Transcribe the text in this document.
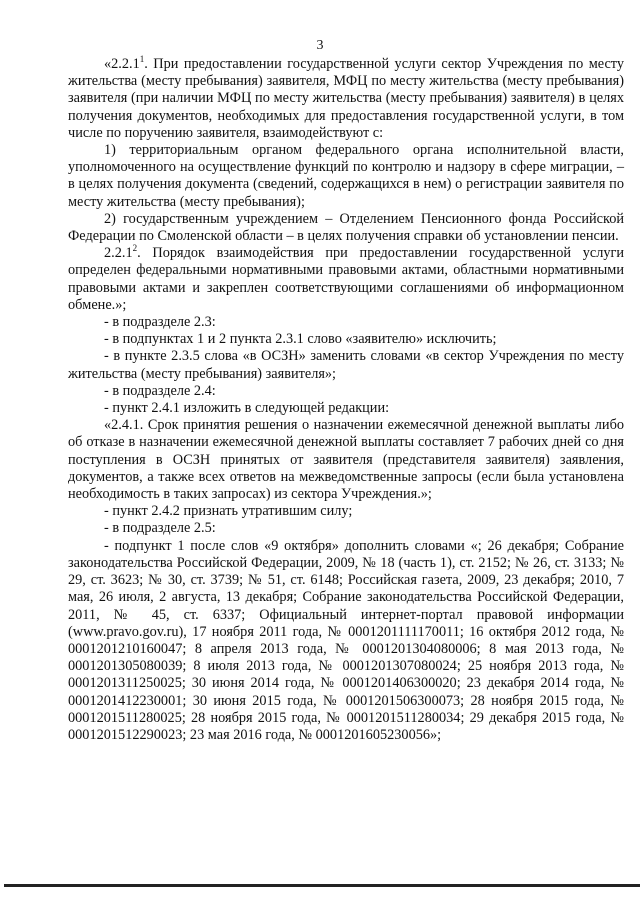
3

«2.2.1$^1$. При предоставлении государственной услуги сектор Учреждения по месту жительства (месту пребывания) заявителя, МФЦ по месту жительства (месту пребывания) заявителя (при наличии МФЦ по месту жительства (месту пребывания) заявителя) в целях получения документов, необходимых для предоставления государственной услуги, в том числе по поручению заявителя, взаимодействуют с:

1) территориальным органом федерального органа исполнительной власти, уполномоченного на осуществление функций по контролю и надзору в сфере миграции, – в целях получения документа (сведений, содержащихся в нем) о регистрации заявителя по месту жительства (месту пребывания);

2) государственным учреждением – Отделением Пенсионного фонда Российской Федерации по Смоленской области – в целях получения справки об установлении пенсии.

2.2.1$^2$. Порядок взаимодействия при предоставлении государственной услуги определен федеральными нормативными правовыми актами, областными нормативными правовыми актами и закреплен соответствующими соглашениями об информационном обмене.»;

- в подразделе 2.3:

- в подпунктах 1 и 2 пункта 2.3.1 слово «заявителю» исключить;

- в пункте 2.3.5 слова «в ОСЗН» заменить словами «в сектор Учреждения по месту жительства (месту пребывания) заявителя»;

- в подразделе 2.4:

- пункт 2.4.1 изложить в следующей редакции:

«2.4.1. Срок принятия решения о назначении ежемесячной денежной выплаты либо об отказе в назначении ежемесячной денежной выплаты составляет 7 рабочих дней со дня поступления в ОСЗН принятых от заявителя (представителя заявителя) заявления, документов, а также всех ответов на межведомственные запросы (если была установлена необходимость в таких запросах) из сектора Учреждения.»;

- пункт 2.4.2 признать утратившим силу;

- в подразделе 2.5:

- подпункт 1 после слов «9 октября» дополнить словами «; 26 декабря; Собрание законодательства Российской Федерации, 2009, № 18 (часть 1), ст. 2152; № 26, ст. 3133; № 29, ст. 3623; № 30, ст. 3739; № 51, ст. 6148; Российская газета, 2009, 23 декабря; 2010, 7 мая, 26 июля, 2 августа, 13 декабря; Собрание законодательства Российской Федерации, 2011, № 45, ст. 6337; Официальный интернет-портал правовой информации (www.pravo.gov.ru), 17 ноября 2011 года, № 0001201111170011; 16 октября 2012 года, № 0001201210160047; 8 апреля 2013 года, № 0001201304080006; 8 мая 2013 года, № 0001201305080039; 8 июля 2013 года, № 0001201307080024; 25 ноября 2013 года, № 0001201311250025; 30 июня 2014 года, № 0001201406300020; 23 декабря 2014 года, № 0001201412230001; 30 июня 2015 года, № 0001201506300073; 28 ноября 2015 года, № 0001201511280025; 28 ноября 2015 года, № 0001201511280034; 29 декабря 2015 года, № 0001201512290023; 23 мая 2016 года, № 0001201605230056»;
